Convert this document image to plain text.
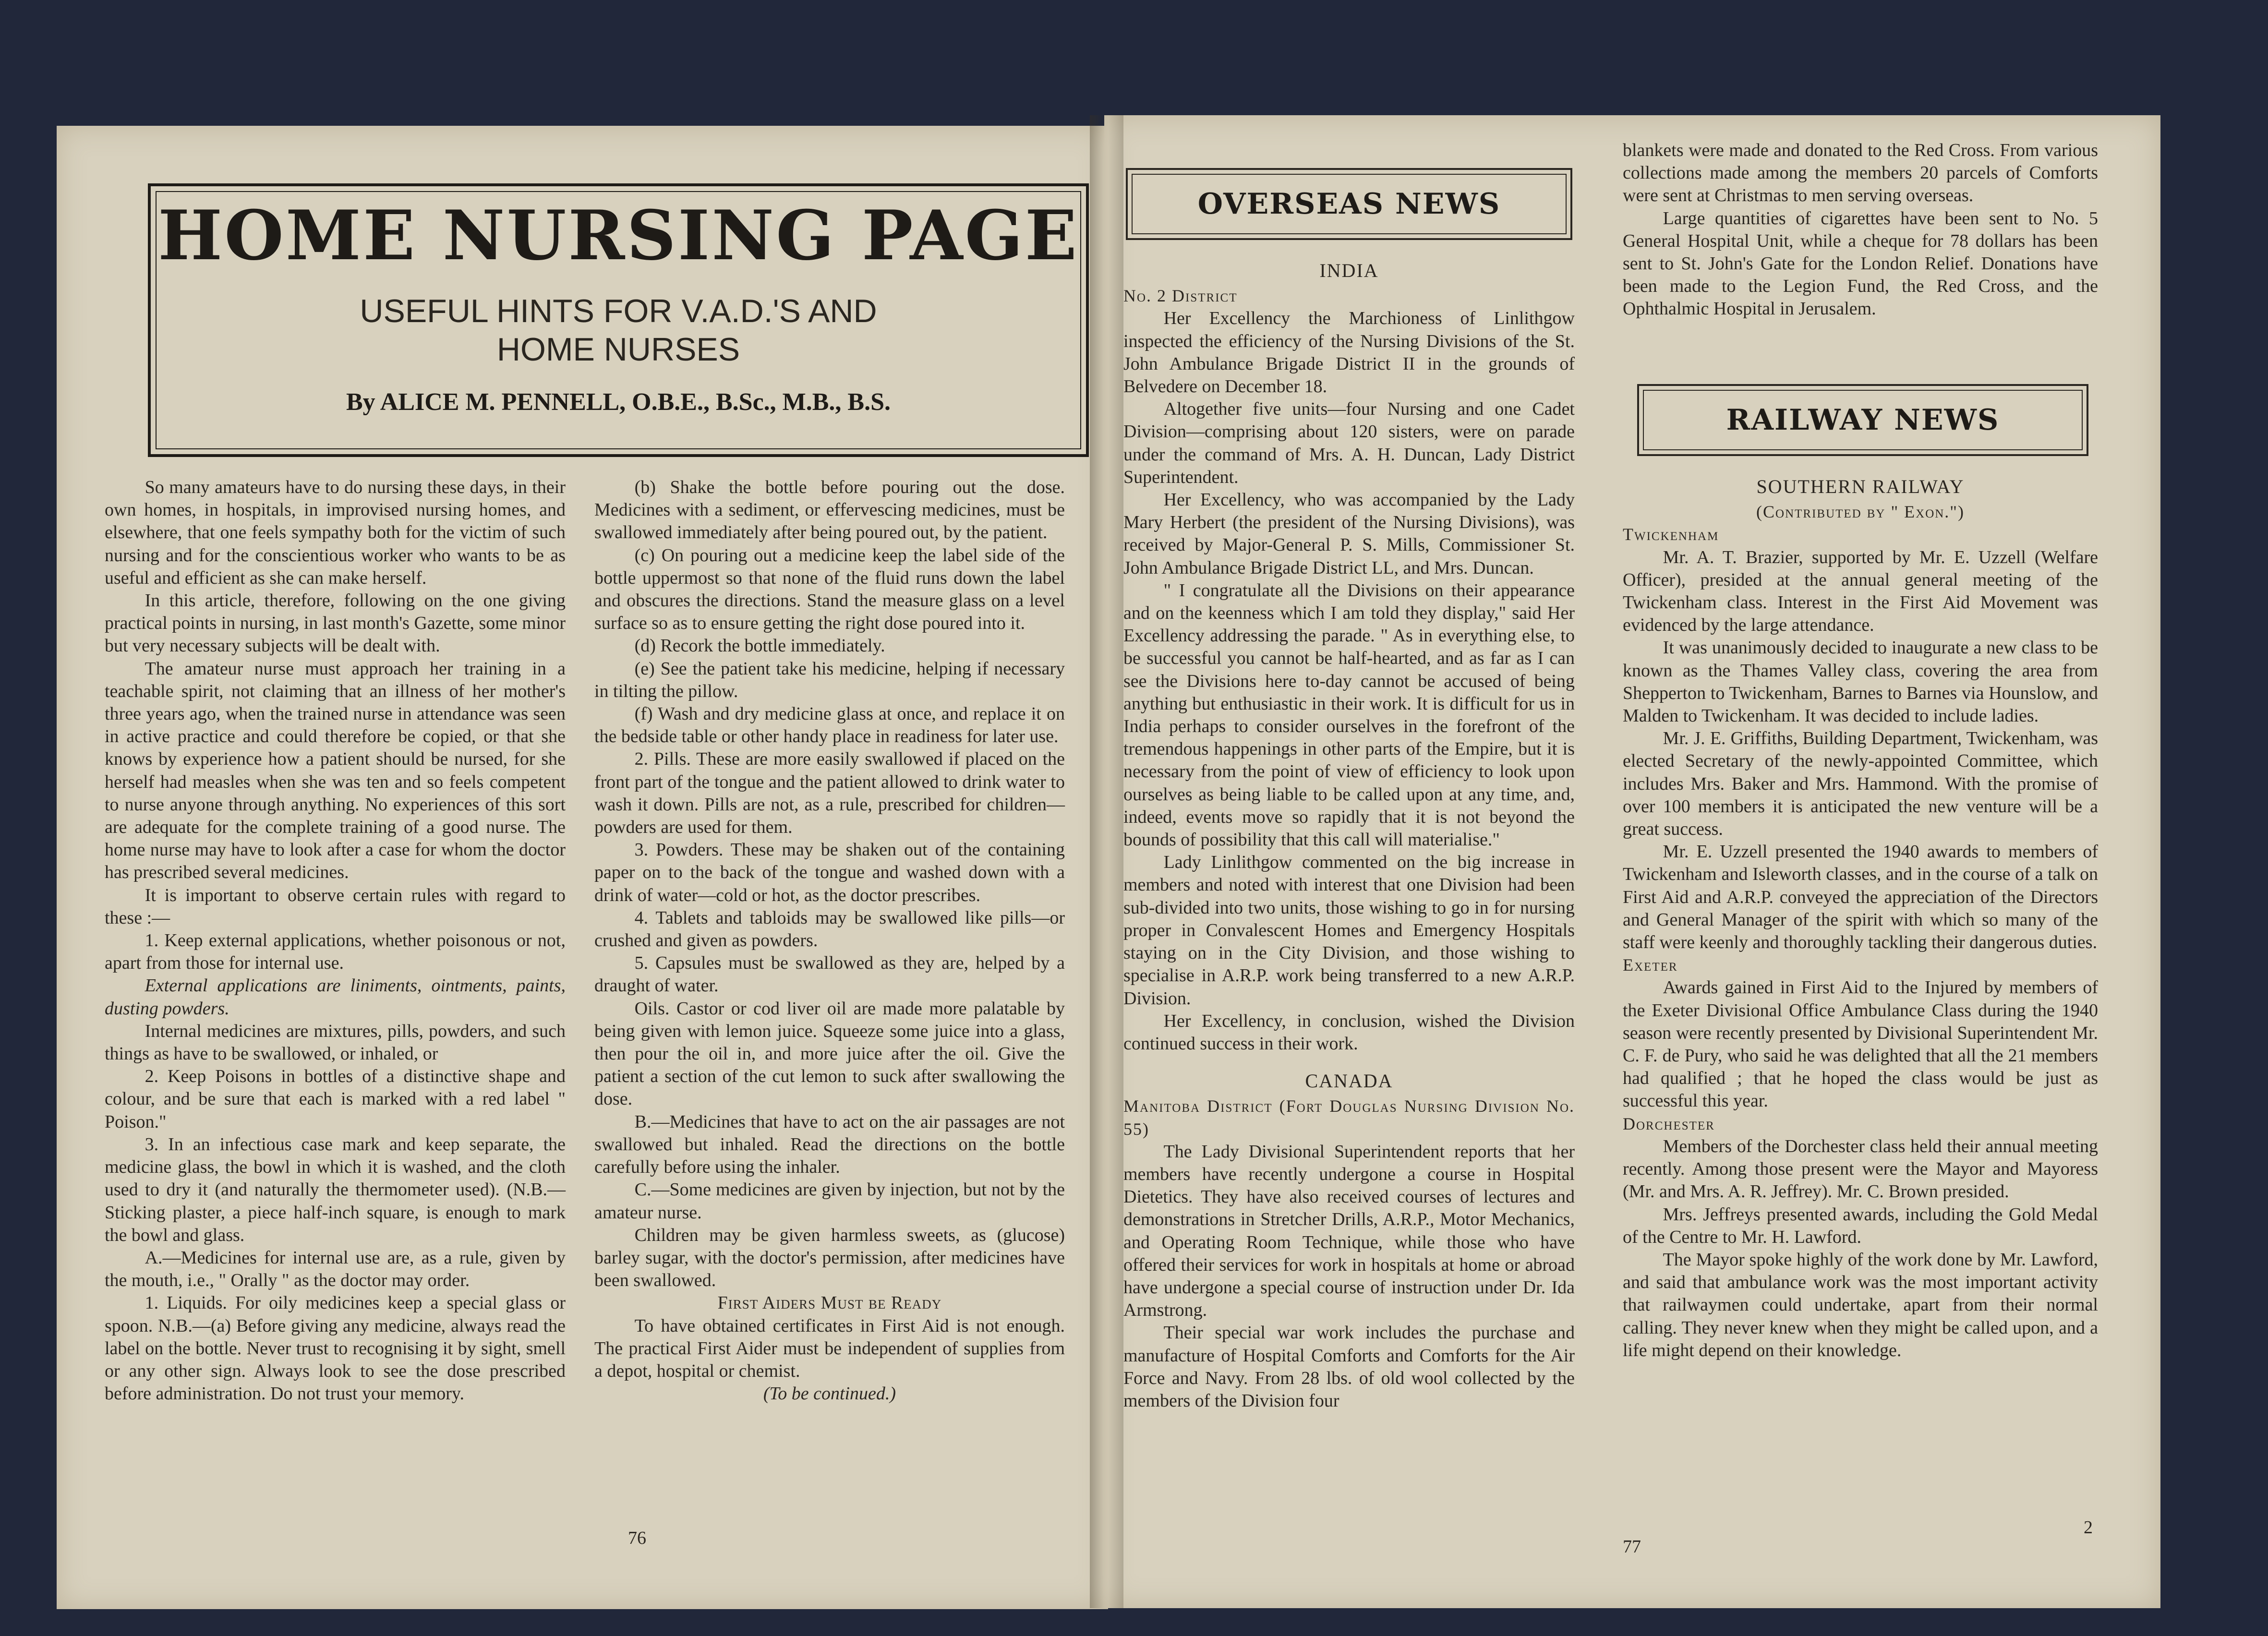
HOME NURSING PAGE
USEFUL HINTS FOR V.A.D.'S AND
HOME NURSES
By ALICE M. PENNELL, O.B.E., B.Sc., M.B., B.S.

So many amateurs have to do nursing these days, in their own homes, in hospitals, in improvised nursing homes, and elsewhere, that one feels sympathy both for the victim of such nursing and for the conscientious worker who wants to be as useful and efficient as she can make herself.

In this article, therefore, following on the one giving practical points in nursing, in last month's Gazette, some minor but very necessary subjects will be dealt with.

The amateur nurse must approach her training in a teachable spirit, not claiming that an illness of her mother's three years ago, when the trained nurse in attendance was seen in active practice and could therefore be copied, or that she knows by experience how a patient should be nursed, for she herself had measles when she was ten and so feels competent to nurse anyone through anything. No experiences of this sort are adequate for the complete training of a good nurse. The home nurse may have to look after a case for whom the doctor has prescribed several medicines.

It is important to observe certain rules with regard to these :—

1. Keep external applications, whether poisonous or not, apart from those for internal use.

External applications are liniments, ointments, paints, dusting powders.

Internal medicines are mixtures, pills, powders, and such things as have to be swallowed, or inhaled, or

2. Keep Poisons in bottles of a distinctive shape and colour, and be sure that each is marked with a red label " Poison."

3. In an infectious case mark and keep separate, the medicine glass, the bowl in which it is washed, and the cloth used to dry it (and naturally the thermometer used). (N.B.—Sticking plaster, a piece half-inch square, is enough to mark the bowl and glass.

A.—Medicines for internal use are, as a rule, given by the mouth, i.e., " Orally " as the doctor may order.

1. Liquids. For oily medicines keep a special glass or spoon. N.B.—(a) Before giving any medicine, always read the label on the bottle. Never trust to recognising it by sight, smell or any other sign. Always look to see the dose prescribed before administration. Do not trust your memory.

(b) Shake the bottle before pouring out the dose. Medicines with a sediment, or effervescing medicines, must be swallowed immediately after being poured out, by the patient.

(c) On pouring out a medicine keep the label side of the bottle uppermost so that none of the fluid runs down the label and obscures the directions. Stand the measure glass on a level surface so as to ensure getting the right dose poured into it.

(d) Recork the bottle immediately.

(e) See the patient take his medicine, helping if necessary in tilting the pillow.

(f) Wash and dry medicine glass at once, and replace it on the bedside table or other handy place in readiness for later use.

2. Pills. These are more easily swallowed if placed on the front part of the tongue and the patient allowed to drink water to wash it down. Pills are not, as a rule, prescribed for children—powders are used for them.

3. Powders. These may be shaken out of the containing paper on to the back of the tongue and washed down with a drink of water—cold or hot, as the doctor prescribes.

4. Tablets and tabloids may be swallowed like pills—or crushed and given as powders.

5. Capsules must be swallowed as they are, helped by a draught of water.

Oils. Castor or cod liver oil are made more palatable by being given with lemon juice. Squeeze some juice into a glass, then pour the oil in, and more juice after the oil. Give the patient a section of the cut lemon to suck after swallowing the dose.

B.—Medicines that have to act on the air passages are not swallowed but inhaled. Read the directions on the bottle carefully before using the inhaler.

C.—Some medicines are given by injection, but not by the amateur nurse.

Children may be given harmless sweets, as (glucose) barley sugar, with the doctor's permission, after medicines have been swallowed.

First Aiders Must be Ready

To have obtained certificates in First Aid is not enough. The practical First Aider must be independent of supplies from a depot, hospital or chemist.

(To be continued.)

76
OVERSEAS NEWS
INDIA
No. 2 District

Her Excellency the Marchioness of Linlithgow inspected the efficiency of the Nursing Divisions of the St. John Ambulance Brigade District II in the grounds of Belvedere on December 18.

Altogether five units—four Nursing and one Cadet Division—comprising about 120 sisters, were on parade under the command of Mrs. A. H. Duncan, Lady District Superintendent.

Her Excellency, who was accompanied by the Lady Mary Herbert (the president of the Nursing Divisions), was received by Major-General P. S. Mills, Commissioner St. John Ambulance Brigade District LL, and Mrs. Duncan.

" I congratulate all the Divisions on their appearance and on the keenness which I am told they display," said Her Excellency addressing the parade. " As in everything else, to be successful you cannot be half-hearted, and as far as I can see the Divisions here to-day cannot be accused of being anything but enthusiastic in their work. It is difficult for us in India perhaps to consider ourselves in the forefront of the tremendous happenings in other parts of the Empire, but it is necessary from the point of view of efficiency to look upon ourselves as being liable to be called upon at any time, and, indeed, events move so rapidly that it is not beyond the bounds of possibility that this call will materialise."

Lady Linlithgow commented on the big increase in members and noted with interest that one Division had been sub-divided into two units, those wishing to go in for nursing proper in Convalescent Homes and Emergency Hospitals staying on in the City Division, and those wishing to specialise in A.R.P. work being transferred to a new A.R.P. Division.

Her Excellency, in conclusion, wished the Division continued success in their work.

CANADA
Manitoba District (Fort Douglas Nursing Division No. 55)

The Lady Divisional Superintendent reports that her members have recently undergone a course in Hospital Dietetics. They have also received courses of lectures and demonstrations in Stretcher Drills, A.R.P., Motor Mechanics, and Operating Room Technique, while those who have offered their services for work in hospitals at home or abroad have undergone a special course of instruction under Dr. Ida Armstrong.

Their special war work includes the purchase and manufacture of Hospital Comforts and Comforts for the Air Force and Navy. From 28 lbs. of old wool collected by the members of the Division four

blankets were made and donated to the Red Cross. From various collections made among the members 20 parcels of Comforts were sent at Christmas to men serving overseas.

Large quantities of cigarettes have been sent to No. 5 General Hospital Unit, while a cheque for 78 dollars has been sent to St. John's Gate for the London Relief. Donations have been made to the Legion Fund, the Red Cross, and the Ophthalmic Hospital in Jerusalem.

RAILWAY NEWS
SOUTHERN RAILWAY
(Contributed by " Exon.")
Twickenham

Mr. A. T. Brazier, supported by Mr. E. Uzzell (Welfare Officer), presided at the annual general meeting of the Twickenham class. Interest in the First Aid Movement was evidenced by the large attendance.

It was unanimously decided to inaugurate a new class to be known as the Thames Valley class, covering the area from Shepperton to Twickenham, Barnes to Barnes via Hounslow, and Malden to Twickenham. It was decided to include ladies.

Mr. J. E. Griffiths, Building Department, Twickenham, was elected Secretary of the newly-appointed Committee, which includes Mrs. Baker and Mrs. Hammond. With the promise of over 100 members it is anticipated the new venture will be a great success.

Mr. E. Uzzell presented the 1940 awards to members of Twickenham and Isleworth classes, and in the course of a talk on First Aid and A.R.P. conveyed the appreciation of the Directors and General Manager of the spirit with which so many of the staff were keenly and thoroughly tackling their dangerous duties.

Exeter

Awards gained in First Aid to the Injured by members of the Exeter Divisional Office Ambulance Class during the 1940 season were recently presented by Divisional Superintendent Mr. C. F. de Pury, who said he was delighted that all the 21 members had qualified ; that he hoped the class would be just as successful this year.

Dorchester

Members of the Dorchester class held their annual meeting recently. Among those present were the Mayor and Mayoress (Mr. and Mrs. A. R. Jeffrey). Mr. C. Brown presided.

Mrs. Jeffreys presented awards, including the Gold Medal of the Centre to Mr. H. Lawford.

The Mayor spoke highly of the work done by Mr. Lawford, and said that ambulance work was the most important activity that railwaymen could undertake, apart from their normal calling. They never knew when they might be called upon, and a life might depend on their knowledge.

77
2
